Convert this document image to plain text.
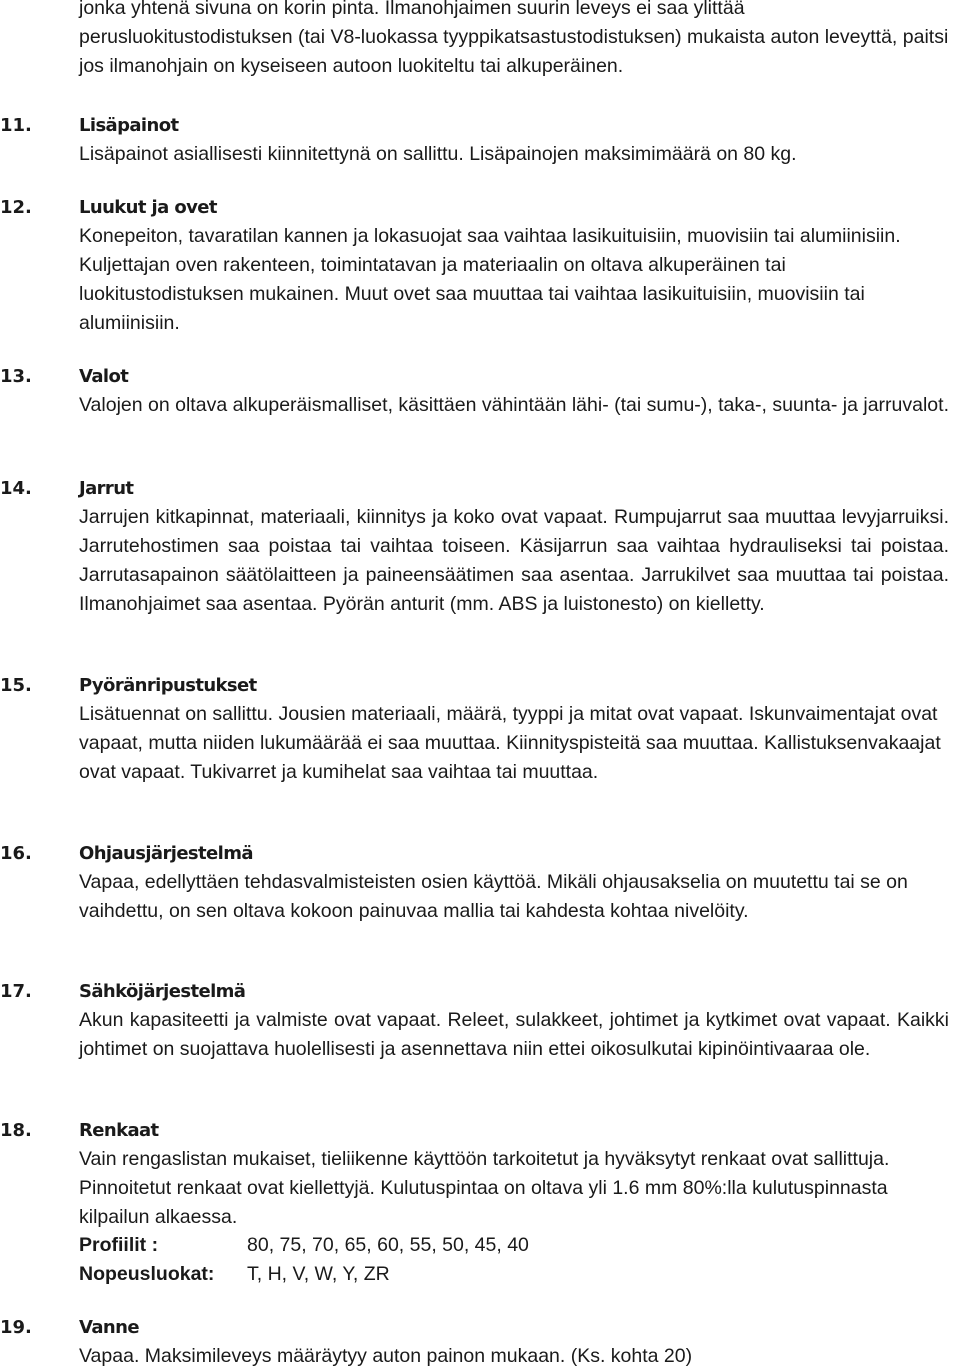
jonka yhtenä sivuna on korin pinta. Ilmanohjaimen suurin leveys ei saa ylittää perusluokitustodistuksen (tai V8-luokassa tyyppikatsastustodistuksen) mukaista auton leveyttä, paitsi jos ilmanohjain on kyseiseen autoon luokiteltu tai alkuperäinen.

11.	Lisäpainot

Lisäpainot asiallisesti kiinnitettynä on sallittu. Lisäpainojen maksimimäärä on 80 kg.

12.	Luukut ja ovet

Konepeiton, tavaratilan kannen ja lokasuojat saa vaihtaa lasikuituisiin, muovisiin tai alumiinisiin. Kuljettajan oven rakenteen, toimintatavan ja materiaalin on oltava alkuperäinen tai luokitustodistuksen mukainen. Muut ovet saa muuttaa tai vaihtaa lasikuituisiin, muovisiin tai alumiinisiin.

13.	Valot

Valojen on oltava alkuperäismalliset, käsittäen vähintään lähi- (tai sumu-), taka-, suunta- ja jarruvalot.

14.	Jarrut

Jarrujen kitkapinnat, materiaali, kiinnitys ja koko ovat vapaat. Rumpujarrut saa muuttaa levyjarruiksi. Jarrutehostimen saa poistaa tai vaihtaa toiseen. Käsijarrun saa vaihtaa hydrauliseksi tai poistaa. Jarrutasapainon säätölaitteen ja paineensäätimen saa asentaa. Jarrukilvet saa muuttaa tai poistaa. Ilmanohjaimet saa asentaa. Pyörän anturit (mm. ABS ja luistonesto) on kielletty.

15.	Pyöränripustukset

Lisätuennat on sallittu. Jousien materiaali, määrä, tyyppi ja mitat ovat vapaat. Iskunvaimentajat ovat vapaat, mutta niiden lukumäärää ei saa muuttaa. Kiinnityspisteitä saa muuttaa. Kallistuksenvakaajat ovat vapaat. Tukivarret ja kumihelat saa vaihtaa tai muuttaa.

16.	Ohjausjärjestelmä

Vapaa, edellyttäen tehdasvalmisteisten osien käyttöä. Mikäli ohjausakselia on muutettu tai se on vaihdettu, on sen oltava kokoon painuvaa mallia tai kahdesta kohtaa nivelöity.

17.	Sähköjärjestelmä

Akun kapasiteetti ja valmiste ovat vapaat. Releet, sulakkeet, johtimet ja kytkimet ovat vapaat. Kaikki johtimet on suojattava huolellisesti ja asennettava niin ettei oikosulkutai kipinöintivaaraa ole.

18.	Renkaat

Vain rengaslistan mukaiset, tieliikenne käyttöön tarkoitetut ja hyväksytyt renkaat ovat sallittuja. Pinnoitetut renkaat ovat kiellettyjä. Kulutuspintaa on oltava yli 1.6 mm 80%:lla kulutuspinnasta kilpailun alkaessa.

Profiilit :	80, 75, 70, 65, 60, 55, 50, 45, 40
Nopeusluokat: T, H, V, W, Y, ZR
19.	Vanne

Vapaa. Maksimileveys määräytyy auton painon mukaan. (Ks. kohta 20)
